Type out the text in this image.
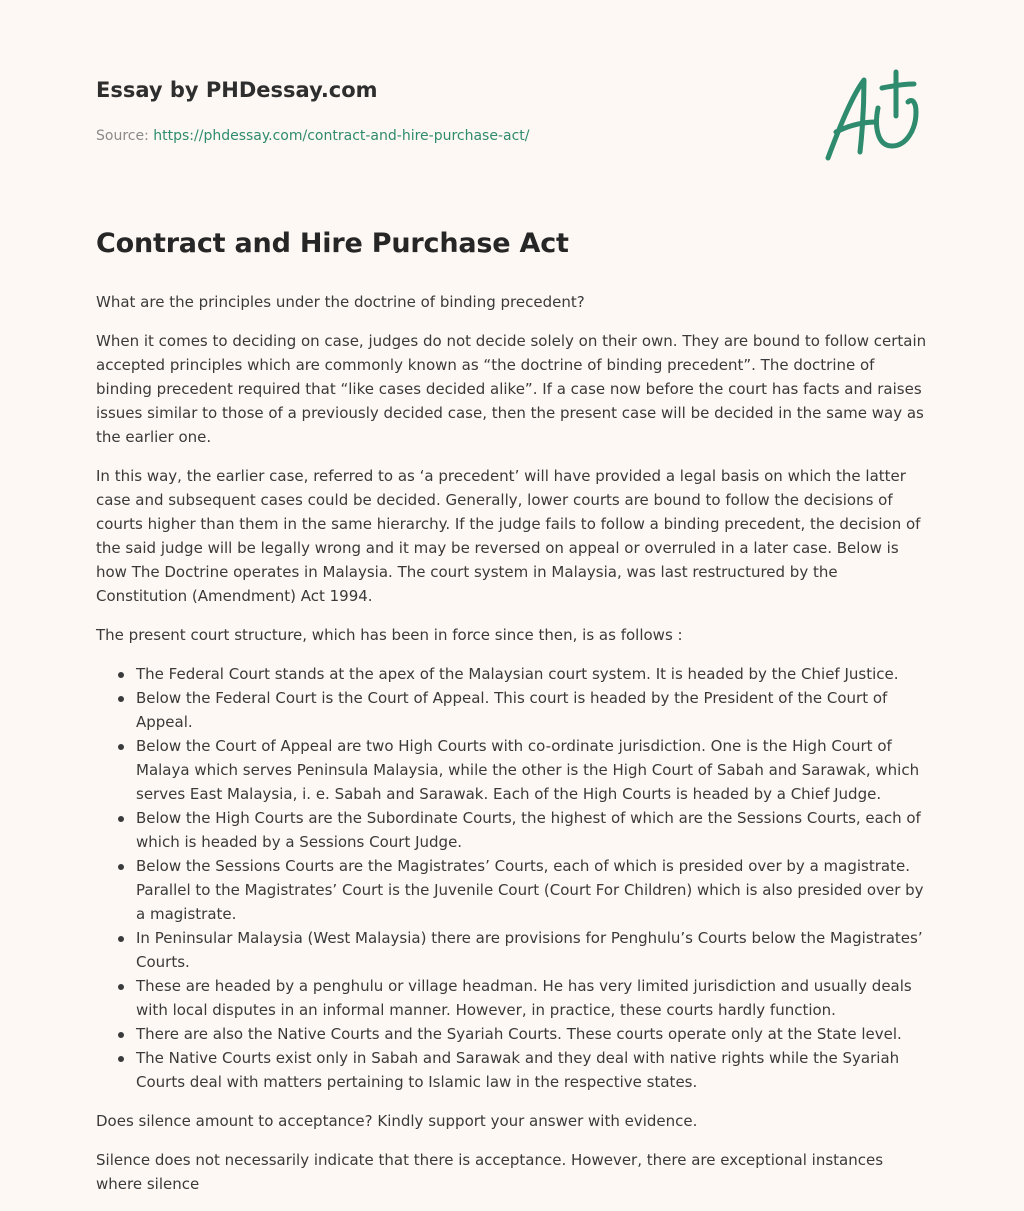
Essay by PHDessay.com
Source: https://phdessay.com/contract-and-hire-purchase-act/
Contract and Hire Purchase Act

What are the principles under the doctrine of binding precedent?

When it comes to deciding on case, judges do not decide solely on their own. They are bound to follow certain accepted principles which are commonly known as “the doctrine of binding precedent”. The doctrine of binding precedent required that “like cases decided alike”. If a case now before the court has facts and raises issues similar to those of a previously decided case, then the present case will be decided in the same way as the earlier one.

In this way, the earlier case, referred to as ‘a precedent’ will have provided a legal basis on which the latter case and subsequent cases could be decided. Generally, lower courts are bound to follow the decisions of courts higher than them in the same hierarchy. If the judge fails to follow a binding precedent, the decision of the said judge will be legally wrong and it may be reversed on appeal or overruled in a later case. Below is how The Doctrine operates in Malaysia. The court system in Malaysia, was last restructured by the Constitution (Amendment) Act 1994.

The present court structure, which has been in force since then, is as follows :

The Federal Court stands at the apex of the Malaysian court system. It is headed by the Chief Justice.
Below the Federal Court is the Court of Appeal. This court is headed by the President of the Court of Appeal.
Below the Court of Appeal are two High Courts with co-ordinate jurisdiction. One is the High Court of Malaya which serves Peninsula Malaysia, while the other is the High Court of Sabah and Sarawak, which serves East Malaysia, i. e. Sabah and Sarawak. Each of the High Courts is headed by a Chief Judge.
Below the High Courts are the Subordinate Courts, the highest of which are the Sessions Courts, each of which is headed by a Sessions Court Judge.
Below the Sessions Courts are the Magistrates’ Courts, each of which is presided over by a magistrate. Parallel to the Magistrates’ Court is the Juvenile Court (Court For Children) which is also presided over by a magistrate.
In Peninsular Malaysia (West Malaysia) there are provisions for Penghulu’s Courts below the Magistrates’ Courts.
These are headed by a penghulu or village headman. He has very limited jurisdiction and usually deals with local disputes in an informal manner. However, in practice, these courts hardly function.
There are also the Native Courts and the Syariah Courts. These courts operate only at the State level.
The Native Courts exist only in Sabah and Sarawak and they deal with native rights while the Syariah Courts deal with matters pertaining to Islamic law in the respective states.

Does silence amount to acceptance? Kindly support your answer with evidence.

Silence does not necessarily indicate that there is acceptance. However, there are exceptional instances where silence
